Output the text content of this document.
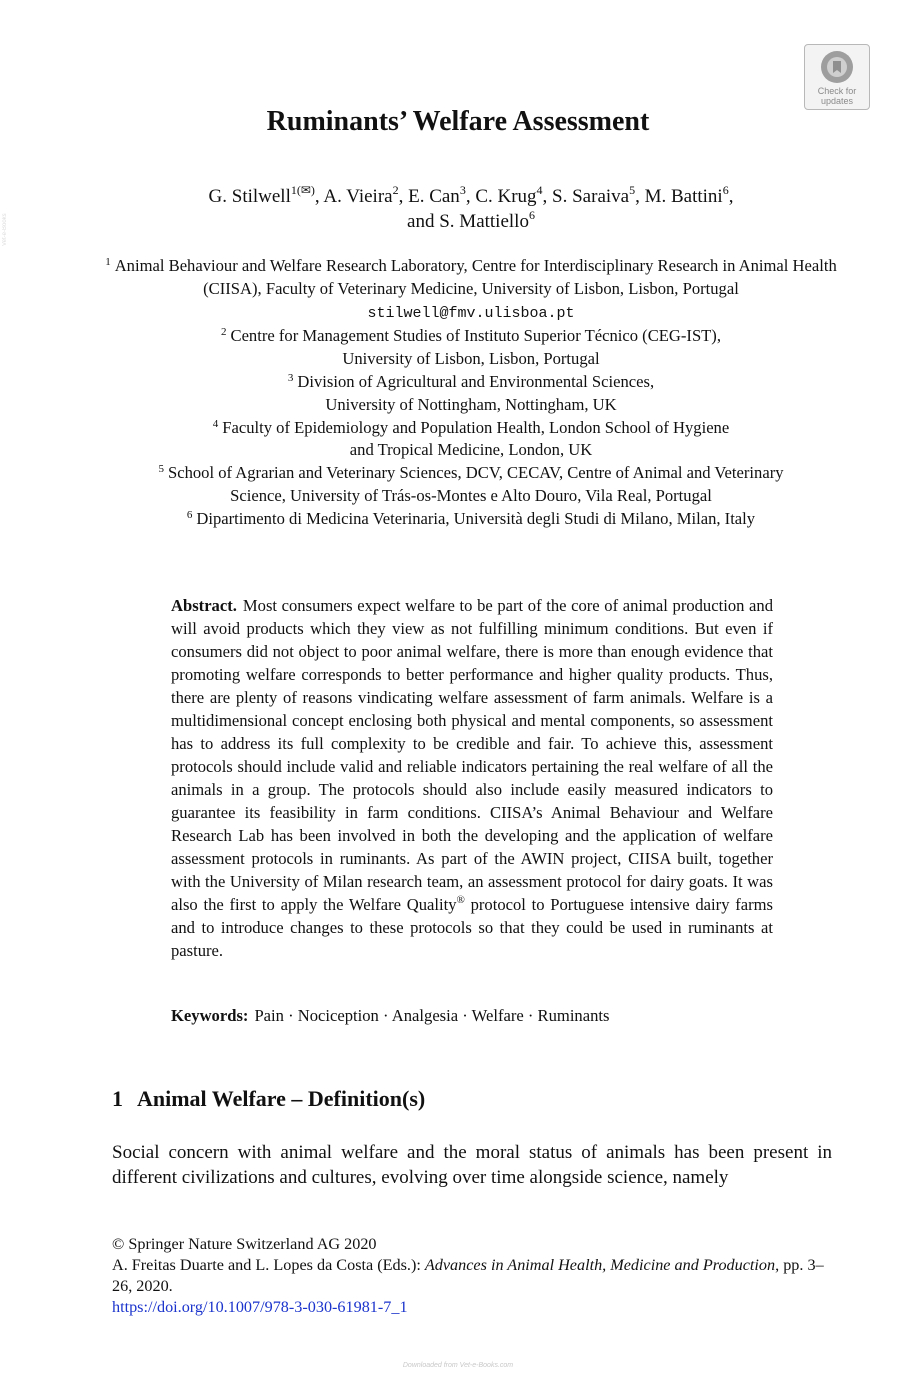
Check for
updates
Vet-e-Books
Ruminants’ Welfare Assessment
G. Stilwell$^{1(✉)}$, A. Vieira$^2$, E. Can$^3$, C. Krug$^4$, S. Saraiva$^5$, M. Battini$^6$,
and S. Mattiello$^6$

$^1$ Animal Behaviour and Welfare Research Laboratory, Centre for Interdisciplinary Research in Animal Health (CIISA), Faculty of Veterinary Medicine, University of Lisbon, Lisbon, Portugal
stilwell@fmv.ulisboa.pt

$^2$ Centre for Management Studies of Instituto Superior Técnico (CEG-IST),
University of Lisbon, Lisbon, Portugal

$^3$ Division of Agricultural and Environmental Sciences,
University of Nottingham, Nottingham, UK

$^4$ Faculty of Epidemiology and Population Health, London School of Hygiene
and Tropical Medicine, London, UK

$^5$ School of Agrarian and Veterinary Sciences, DCV, CECAV, Centre of Animal and Veterinary
Science, University of Trás-os-Montes e Alto Douro, Vila Real, Portugal

$^6$ Dipartimento di Medicina Veterinaria, Università degli Studi di Milano, Milan, Italy

Abstract. Most consumers expect welfare to be part of the core of animal production and will avoid products which they view as not fulfilling minimum conditions. But even if consumers did not object to poor animal welfare, there is more than enough evidence that promoting welfare corresponds to better performance and higher quality products. Thus, there are plenty of reasons vindicating welfare assessment of farm animals. Welfare is a multidimensional concept enclosing both physical and mental components, so assessment has to address its full complexity to be credible and fair. To achieve this, assessment protocols should include valid and reliable indicators pertaining the real welfare of all the animals in a group. The protocols should also include easily measured indicators to guarantee its feasibility in farm conditions. CIISA’s Animal Behaviour and Welfare Research Lab has been involved in both the developing and the application of welfare assessment protocols in ruminants. As part of the AWIN project, CIISA built, together with the University of Milan research team, an assessment protocol for dairy goats. It was also the first to apply the Welfare Quality® protocol to Portuguese intensive dairy farms and to introduce changes to these protocols so that they could be used in ruminants at pasture.

Keywords: Pain · Nociception · Analgesia · Welfare · Ruminants

1 Animal Welfare – Definition(s)

Social concern with animal welfare and the moral status of animals has been present in different civilizations and cultures, evolving over time alongside science, namely

© Springer Nature Switzerland AG 2020

A. Freitas Duarte and L. Lopes da Costa (Eds.): Advances in Animal Health, Medicine and Production, pp. 3–26, 2020.

https://doi.org/10.1007/978-3-030-61981-7_1

Downloaded from Vet-e-Books.com
